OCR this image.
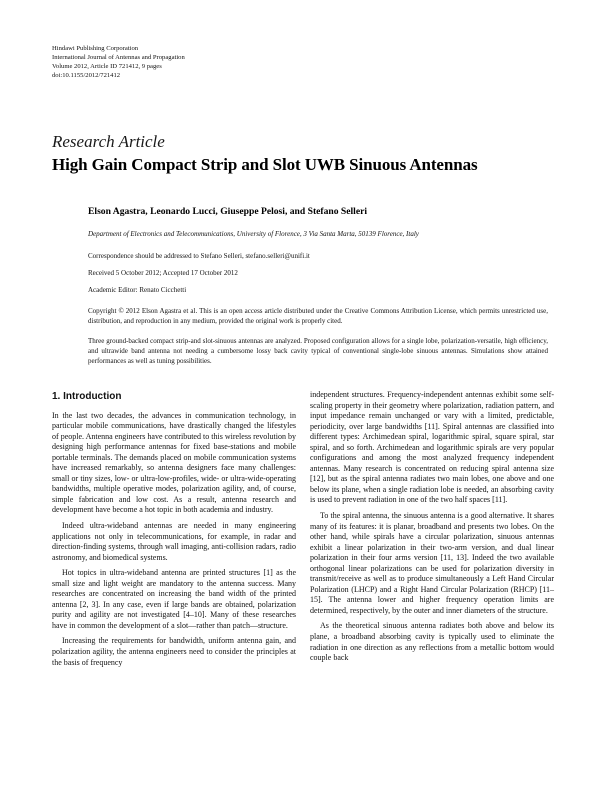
Hindawi Publishing Corporation
International Journal of Antennas and Propagation
Volume 2012, Article ID 721412, 9 pages
doi:10.1155/2012/721412
Research Article
High Gain Compact Strip and Slot UWB Sinuous Antennas
Elson Agastra, Leonardo Lucci, Giuseppe Pelosi, and Stefano Selleri
Department of Electronics and Telecommunications, University of Florence, 3 Via Santa Marta, 50139 Florence, Italy
Correspondence should be addressed to Stefano Selleri, stefano.selleri@unifi.it
Received 5 October 2012; Accepted 17 October 2012
Academic Editor: Renato Cicchetti
Copyright © 2012 Elson Agastra et al. This is an open access article distributed under the Creative Commons Attribution License, which permits unrestricted use, distribution, and reproduction in any medium, provided the original work is properly cited.
Three ground-backed compact strip-and slot-sinuous antennas are analyzed. Proposed configuration allows for a single lobe, polarization-versatile, high efficiency, and ultrawide band antenna not needing a cumbersome lossy back cavity typical of conventional single-lobe sinuous antennas. Simulations show attained performances as well as tuning possibilities.
1. Introduction

In the last two decades, the advances in communication technology, in particular mobile communications, have drastically changed the lifestyles of people. Antenna engineers have contributed to this wireless revolution by designing high performance antennas for fixed base-stations and mobile portable terminals. The demands placed on mobile communication systems have increased remarkably, so antenna designers face many challenges: small or tiny sizes, low- or ultra-low-profiles, wide- or ultra-wide-operating bandwidths, multiple operative modes, polarization agility, and, of course, simple fabrication and low cost. As a result, antenna research and development have become a hot topic in both academia and industry.

Indeed ultra-wideband antennas are needed in many engineering applications not only in telecommunications, for example, in radar and direction-finding systems, through wall imaging, anti-collision radars, radio astronomy, and biomedical systems.

Hot topics in ultra-wideband antenna are printed structures [1] as the small size and light weight are mandatory to the antenna success. Many researches are concentrated on increasing the band width of the printed antenna [2, 3]. In any case, even if large bands are obtained, polarization purity and agility are not investigated [4–10]. Many of these researches have in common the development of a slot—rather than patch—structure.

Increasing the requirements for bandwidth, uniform antenna gain, and polarization agility, the antenna engineers need to consider the principles at the basis of frequency

independent structures. Frequency-independent antennas exhibit some self-scaling property in their geometry where polarization, radiation pattern, and input impedance remain unchanged or vary with a limited, predictable, periodicity, over large bandwidths [11]. Spiral antennas are classified into different types: Archimedean spiral, logarithmic spiral, square spiral, star spiral, and so forth. Archimedean and logarithmic spirals are very popular configurations and among the most analyzed frequency independent antennas. Many research is concentrated on reducing spiral antenna size [12], but as the spiral antenna radiates two main lobes, one above and one below its plane, when a single radiation lobe is needed, an absorbing cavity is used to prevent radiation in one of the two half spaces [11].

To the spiral antenna, the sinuous antenna is a good alternative. It shares many of its features: it is planar, broadband and presents two lobes. On the other hand, while spirals have a circular polarization, sinuous antennas exhibit a linear polarization in their two-arm version, and dual linear polarization in their four arms version [11, 13]. Indeed the two available orthogonal linear polarizations can be used for polarization diversity in transmit/receive as well as to produce simultaneously a Left Hand Circular Polarization (LHCP) and a Right Hand Circular Polarization (RHCP) [11–15]. The antenna lower and higher frequency operation limits are determined, respectively, by the outer and inner diameters of the structure.

As the theoretical sinuous antenna radiates both above and below its plane, a broadband absorbing cavity is typically used to eliminate the radiation in one direction as any reflections from a metallic bottom would couple back
